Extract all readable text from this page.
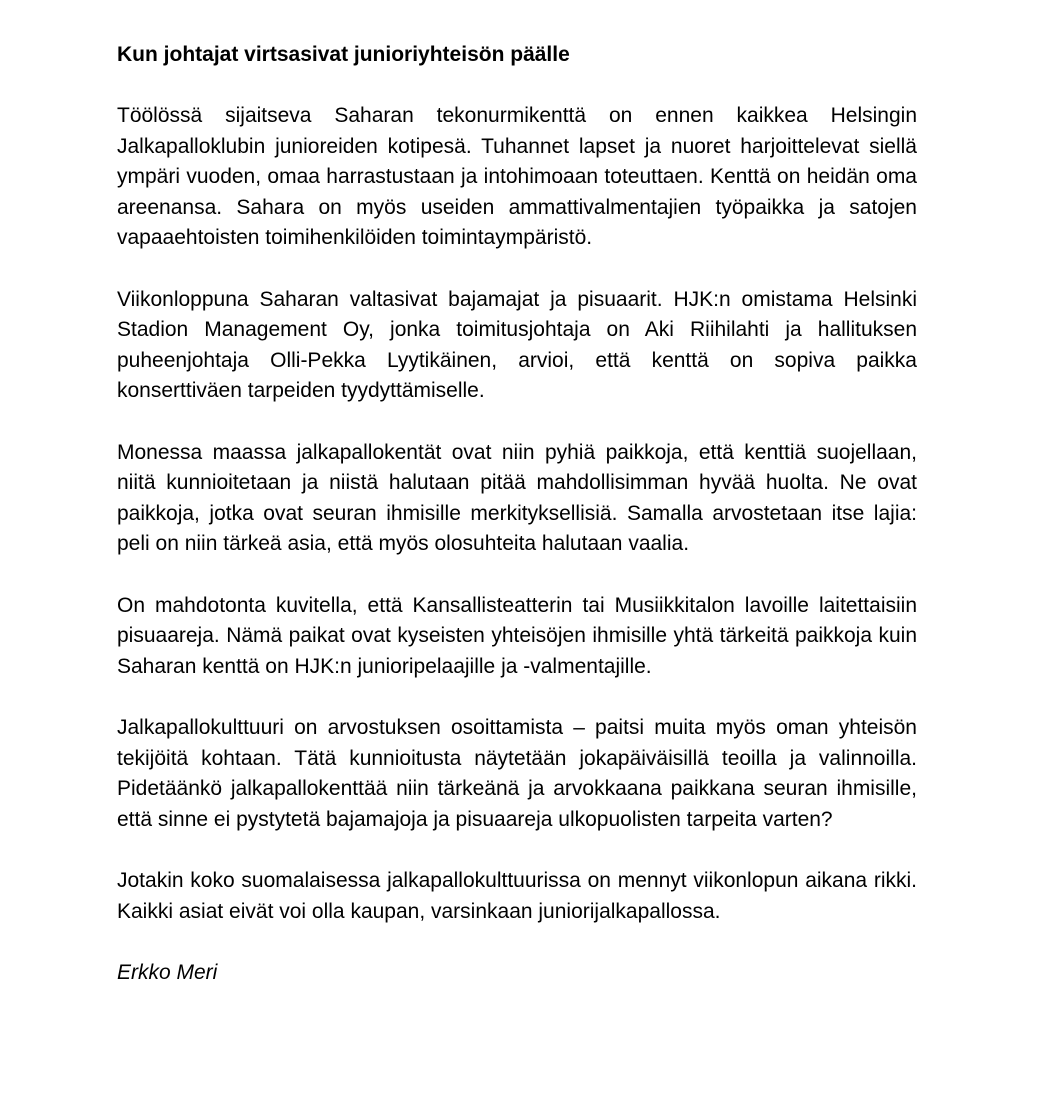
Kun johtajat virtsasivat junioriyhteisön päälle

Töölössä sijaitseva Saharan tekonurmikenttä on ennen kaikkea Helsingin Jalkapalloklubin junioreiden kotipesä. Tuhannet lapset ja nuoret harjoittelevat siellä ympäri vuoden, omaa harrastustaan ja intohimoaan toteuttaen. Kenttä on heidän oma areenansa. Sahara on myös useiden ammattivalmentajien työpaikka ja satojen vapaaehtoisten toimihenkilöiden toimintaympäristö.

Viikonloppuna Saharan valtasivat bajamajat ja pisuaarit. HJK:n omistama Helsinki Stadion Management Oy, jonka toimitusjohtaja on Aki Riihilahti ja hallituksen puheenjohtaja Olli-Pekka Lyytikäinen, arvioi, että kenttä on sopiva paikka konserttiväen tarpeiden tyydyttämiselle.

Monessa maassa jalkapallokentät ovat niin pyhiä paikkoja, että kenttiä suojellaan, niitä kunnioitetaan ja niistä halutaan pitää mahdollisimman hyvää huolta. Ne ovat paikkoja, jotka ovat seuran ihmisille merkityksellisiä. Samalla arvostetaan itse lajia: peli on niin tärkeä asia, että myös olosuhteita halutaan vaalia.

On mahdotonta kuvitella, että Kansallisteatterin tai Musiikkitalon lavoille laitettaisiin pisuaareja. Nämä paikat ovat kyseisten yhteisöjen ihmisille yhtä tärkeitä paikkoja kuin Saharan kenttä on HJK:n junioripelaajille ja -valmentajille.

Jalkapallokulttuuri on arvostuksen osoittamista – paitsi muita myös oman yhteisön tekijöitä kohtaan. Tätä kunnioitusta näytetään jokapäiväisillä teoilla ja valinnoilla. Pidetäänkö jalkapallokenttää niin tärkeänä ja arvokkaana paikkana seuran ihmisille, että sinne ei pystytetä bajamajoja ja pisuaareja ulkopuolisten tarpeita varten?

Jotakin koko suomalaisessa jalkapallokulttuurissa on mennyt viikonlopun aikana rikki. Kaikki asiat eivät voi olla kaupan, varsinkaan juniorijalkapallossa.

Erkko Meri
